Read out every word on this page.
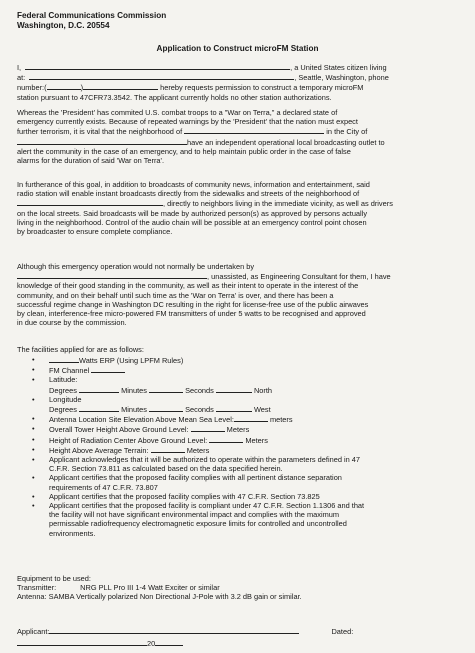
Federal Communications Commission
Washington, D.C. 20554
Application to Construct microFM Station
I,	, a United States citizen living
at:	, Seattle, Washington, phone
number:(	)	hereby requests permission to construct a temporary microFM
station pursuant to 47CFR73.3542. The applicant currently holds no other station authorizations.
Whereas the 'President' has commited U.S. combat troops to a "War on Terra," a declared state of
emergency currently exists. Because of repeated warnings by the 'President' that the nation must expect
further terrorism, it is vital that the neighborhood of	in the City of
have an independent operational local broadcasting outlet to
alert the community in the case of an emergency, and to help maintain public order in the case of false
alarms for the duration of said 'War on Terra'.
In furtherance of this goal, in addition to broadcasts of community news, information and entertainment, said
radio station will enable instant broadcasts directly from the sidewalks and streets of the neighborhood of
, directly to neighbors living in the immediate vicinity, as well as drivers
on the local streets. Said broadcasts will be made by authorized person(s) as approved by persons actually
living in the neighborhood. Control of the audio chain will be possible at an emergency control point chosen
by broadcaster to ensure complete compliance.
Although this emergency operation would not normally be undertaken by
, unassisted, as Engineering Consultant for them, I have
knowledge of their good standing in the community, as well as their intent to operate in the interest of the
community, and on their behalf until such time as the 'War on Terra' is over, and there has been a
successful regime change in Washington DC resulting in the right for license-free use of the public airwaves
by clean, interference-free micro-powered FM transmitters of under 5 watts to be recognised and approved
in due course by the commission.
The facilities applied for are as follows:
• Watts ERP (Using LPFM Rules)
• FM Channel
• Latitude:
Degrees	Minutes	Seconds	North
• Longitude
Degrees	Minutes	Seconds	West
• Antenna Location Site Elevation Above Mean Sea Level:	meters
• Overall Tower Height Above Ground Level:	Meters
• Height of Radiation Center Above Ground Level:	Meters
• Height Above Average Terrain:	Meters
• Applicant acknowledges that it will be authorized to operate within the parameters defined in 47
C.F.R. Section 73.811 as calculated based on the data specified herein.
• Applicant certifies that the proposed facility complies with all pertinent distance separation
requirements of 47 C.F.R. 73.807
• Applicant certifies that the proposed facility complies with 47 C.F.R. Section 73.825
• Applicant certifies that the proposed facility is compliant under 47 C.F.R. Section 1.1306 and that
the facility will not have significant environmental impact and complies with the maximum
permissable radiofrequency electromagnetic exposure limits for controlled and uncontrolled
environments.
Equipment to be used:
Transmitter:	NRG PLL Pro III 1-4 Watt Exciter or similar
Antenna: SAMBA Vertically polarized Non Directional J-Pole with 3.2 dB gain or similar.
Applicant:	Dated:
20
